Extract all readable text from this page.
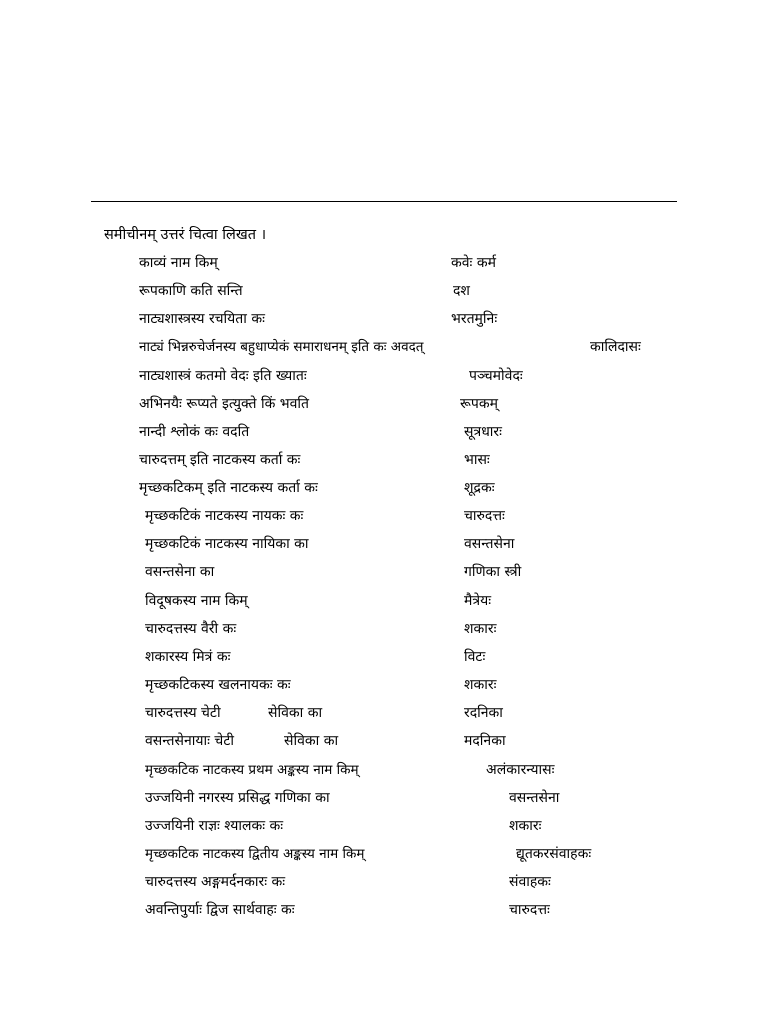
समीचीनम् उत्तरं चित्वा लिखत ।
काव्यं नाम किम्	कवेः कर्म
रूपकाणि कति सन्ति	दश
नाट्यशास्त्रस्य रचयिता कः	भरतमुनिः
नाट्यं भिन्नरुचेर्जनस्य बहुधाप्येकं समाराधनम् इति कः अवदत्	कालिदासः
नाट्यशास्त्रं कतमो वेदः इति ख्यातः	पञ्चमोवेदः
अभिनयैः रूप्यते इत्युक्ते किं भवति	रूपकम्
नान्दी श्लोकं कः वदति	सूत्रधारः
चारुदत्तम् इति नाटकस्य कर्ता कः	भासः
मृच्छकटिकम् इति नाटकस्य कर्ता कः	शूद्रकः
मृच्छकटिकं नाटकस्य नायकः कः	चारुदत्तः
मृच्छकटिकं नाटकस्य नायिका का	वसन्तसेना
वसन्तसेना का	गणिका स्त्री
विदूषकस्य नाम किम्	मैत्रेयः
चारुदत्तस्य वैरी कः	शकारः
शकारस्य मित्रं कः	विटः
मृच्छकटिकस्य खलनायकः कः	शकारः
चारुदत्तस्य चेटी	सेविका का	रदनिका
वसन्तसेनायाः चेटी	सेविका का	मदनिका
मृच्छकटिक नाटकस्य प्रथम अङ्कस्य नाम किम्	अलंकारन्यासः
उज्जयिनी नगरस्य प्रसिद्ध गणिका का	वसन्तसेना
उज्जयिनी राज्ञः श्यालकः कः	शकारः
मृच्छकटिक नाटकस्य द्वितीय अङ्कस्य नाम किम्	द्यूतकरसंवाहकः
चारुदत्तस्य अङ्गमर्दनकारः कः	संवाहकः
अवन्तिपुर्याः द्विज सार्थवाहः कः	चारुदत्तः
